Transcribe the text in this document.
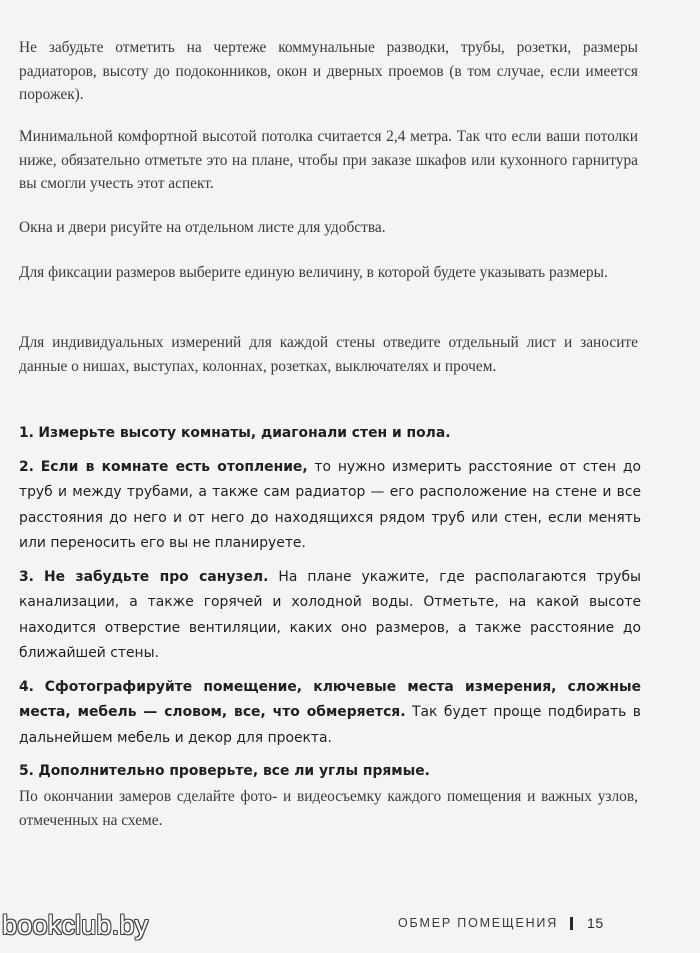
Не забудьте отметить на чертеже коммунальные разводки, трубы, розетки, размеры радиаторов, высоту до подоконников, окон и дверных проемов (в том случае, если имеется порожек).

Минимальной комфортной высотой потолка считается 2,4 метра. Так что если ваши потолки ниже, обязательно отметьте это на плане, чтобы при заказе шкафов или кухонного гарнитура вы смогли учесть этот аспект.

Окна и двери рисуйте на отдельном листе для удобства.

Для фиксации размеров выберите единую величину, в которой будете указывать размеры.

Для индивидуальных измерений для каждой стены отведите отдельный лист и заносите данные о нишах, выступах, колоннах, розетках, выключателях и прочем.

1. Измерьте высоту комнаты, диагонали стен и пола.
2. Если в комнате есть отопление, то нужно измерить расстояние от стен до труб и между трубами, а также сам радиатор — его расположение на стене и все расстояния до него и от него до находящихся рядом труб или стен, если менять или переносить его вы не планируете.
3. Не забудьте про санузел. На плане укажите, где располагаются трубы канализации, а также горячей и холодной воды. Отметьте, на какой высоте находится отверстие вентиляции, каких оно размеров, а также расстояние до ближайшей стены.
4. Сфотографируйте помещение, ключевые места измерения, сложные места, мебель — словом, все, что обмеряется. Так будет проще подбирать в дальнейшем мебель и декор для проекта.
5. Дополнительно проверьте, все ли углы прямые.

По окончании замеров сделайте фото- и видеосъемку каждого помещения и важных узлов, отмеченных на схеме.

bookclub.by	ОБМЕР ПОМЕЩЕНИЯ 15
